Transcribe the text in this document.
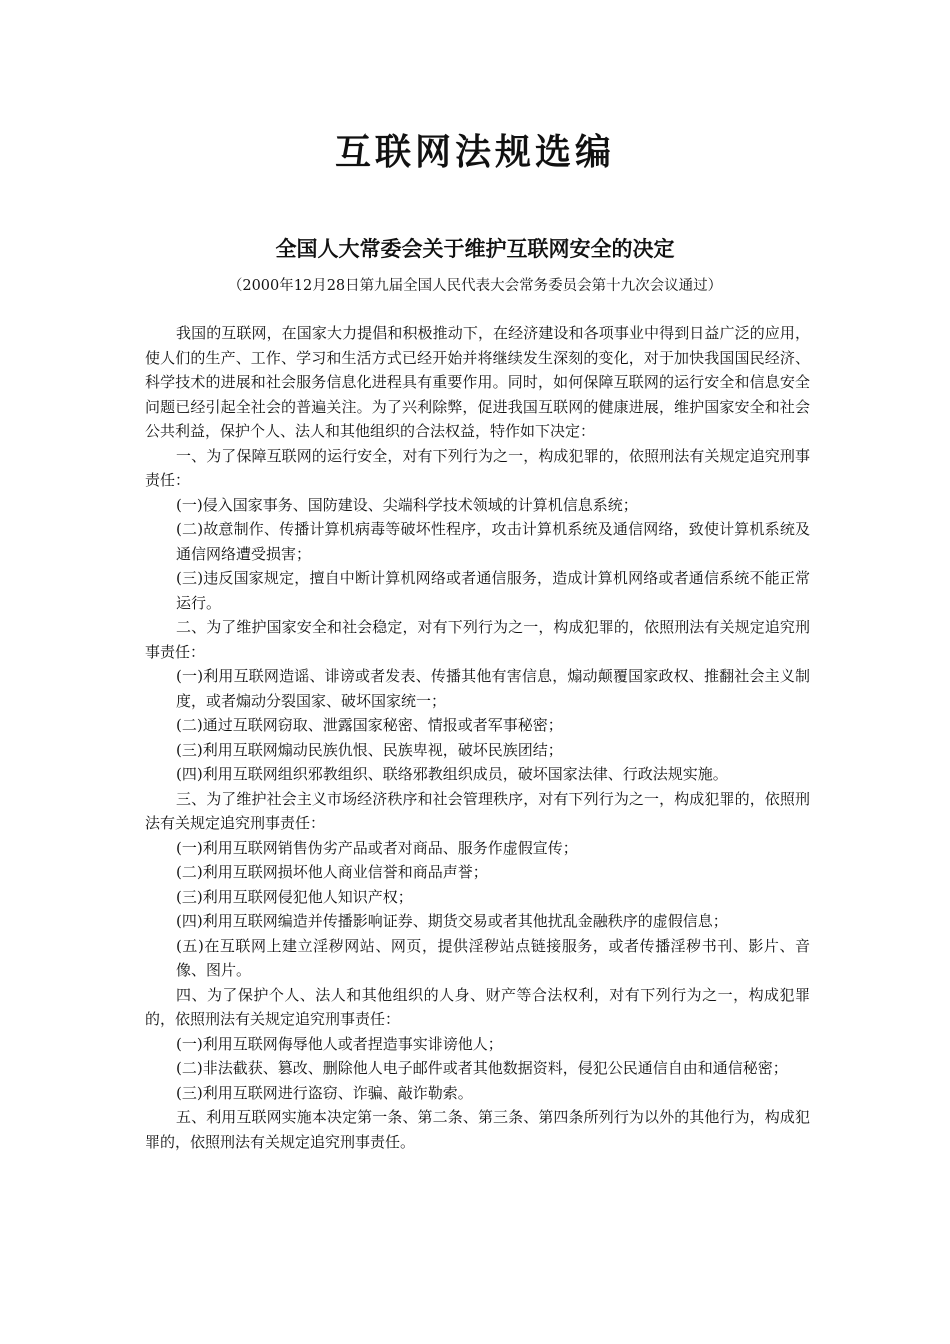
互联网法规选编
全国人大常委会关于维护互联网安全的决定

（2000年12月28日第九届全国人民代表大会常务委员会第十九次会议通过）

我国的互联网，在国家大力提倡和积极推动下，在经济建设和各项事业中得到日益广泛的应用，使人们的生产、工作、学习和生活方式已经开始并将继续发生深刻的变化，对于加快我国国民经济、科学技术的进展和社会服务信息化进程具有重要作用。同时，如何保障互联网的运行安全和信息安全问题已经引起全社会的普遍关注。为了兴利除弊，促进我国互联网的健康进展，维护国家安全和社会公共利益，保护个人、法人和其他组织的合法权益，特作如下决定：

一、为了保障互联网的运行安全，对有下列行为之一，构成犯罪的，依照刑法有关规定追究刑事责任：

(一)侵入国家事务、国防建设、尖端科学技术领域的计算机信息系统；

(二)故意制作、传播计算机病毒等破坏性程序，攻击计算机系统及通信网络，致使计算机系统及通信网络遭受损害；

(三)违反国家规定，擅自中断计算机网络或者通信服务，造成计算机网络或者通信系统不能正常运行。

二、为了维护国家安全和社会稳定，对有下列行为之一，构成犯罪的，依照刑法有关规定追究刑事责任：

(一)利用互联网造谣、诽谤或者发表、传播其他有害信息，煽动颠覆国家政权、推翻社会主义制度，或者煽动分裂国家、破坏国家统一；

(二)通过互联网窃取、泄露国家秘密、情报或者军事秘密；

(三)利用互联网煽动民族仇恨、民族卑视，破坏民族团结；

(四)利用互联网组织邪教组织、联络邪教组织成员，破坏国家法律、行政法规实施。

三、为了维护社会主义市场经济秩序和社会管理秩序，对有下列行为之一，构成犯罪的，依照刑法有关规定追究刑事责任：

(一)利用互联网销售伪劣产品或者对商品、服务作虚假宣传；

(二)利用互联网损坏他人商业信誉和商品声誉；

(三)利用互联网侵犯他人知识产权；

(四)利用互联网编造并传播影响证券、期货交易或者其他扰乱金融秩序的虚假信息；

(五)在互联网上建立淫秽网站、网页，提供淫秽站点链接服务，或者传播淫秽书刊、影片、音像、图片。

四、为了保护个人、法人和其他组织的人身、财产等合法权利，对有下列行为之一，构成犯罪的，依照刑法有关规定追究刑事责任：

(一)利用互联网侮辱他人或者捏造事实诽谤他人；

(二)非法截获、篡改、删除他人电子邮件或者其他数据资料，侵犯公民通信自由和通信秘密；

(三)利用互联网进行盗窃、诈骗、敲诈勒索。

五、利用互联网实施本决定第一条、第二条、第三条、第四条所列行为以外的其他行为，构成犯罪的，依照刑法有关规定追究刑事责任。
